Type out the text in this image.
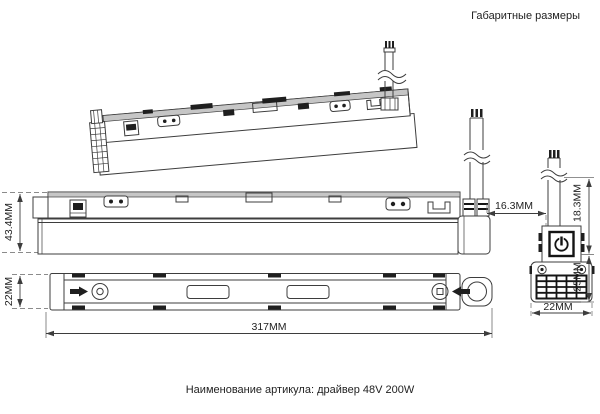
Габаритные размеры
43.4MM	16.3MM
22MM
317MM
18.3MM
25MM
22MM
Наименование артикула: драйвер 48V 200W
